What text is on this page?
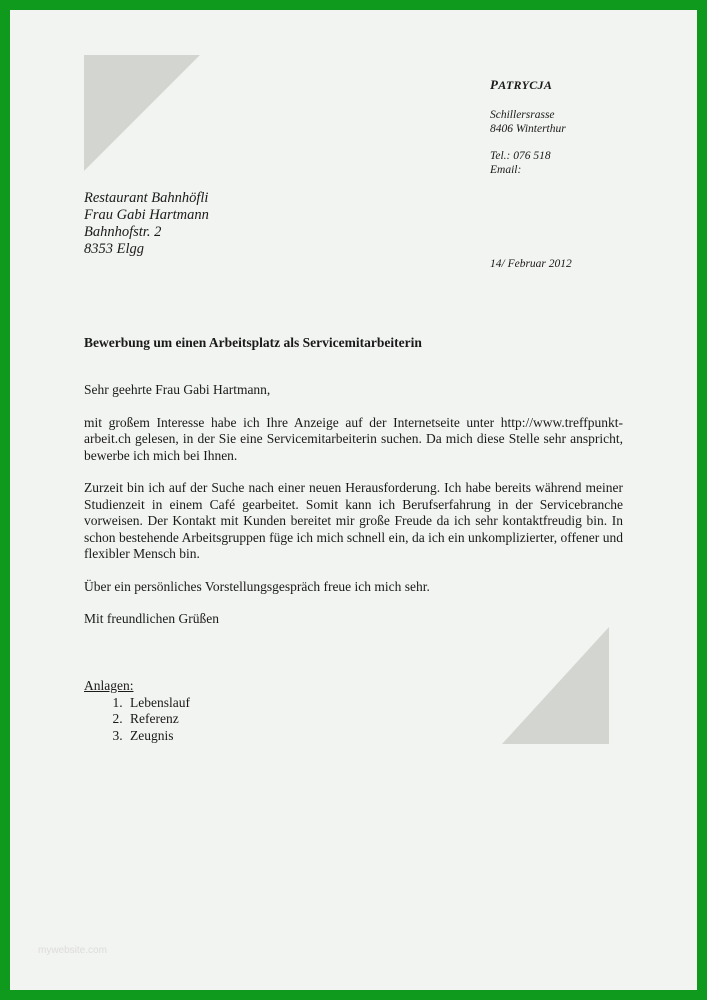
PATRYCJA
Schillersrasse
8406 Winterthur
Tel.: 076 518
Email:
Restaurant Bahnhöfli
Frau Gabi Hartmann
Bahnhofstr. 2
8353 Elgg
14/ Februar 2012
Bewerbung um einen Arbeitsplatz als Servicemitarbeiterin

Sehr geehrte Frau Gabi Hartmann,

mit großem Interesse habe ich Ihre Anzeige auf der Internetseite unter http://www.treffpunkt-arbeit.ch gelesen, in der Sie eine Servicemitarbeiterin suchen. Da mich diese Stelle sehr anspricht, bewerbe ich mich bei Ihnen.

Zurzeit bin ich auf der Suche nach einer neuen Herausforderung. Ich habe bereits während meiner Studienzeit in einem Café gearbeitet. Somit kann ich Berufserfahrung in der Servicebranche vorweisen. Der Kontakt mit Kunden bereitet mir große Freude da ich sehr kontaktfreudig bin. In schon bestehende Arbeitsgruppen füge ich mich schnell ein, da ich ein unkomplizierter, offener und flexibler Mensch bin.

Über ein persönliches Vorstellungsgespräch freue ich mich sehr.

Mit freundlichen Grüßen

Anlagen:
1. Lebenslauf
2. Referenz
3. Zeugnis
mywebsite.com
